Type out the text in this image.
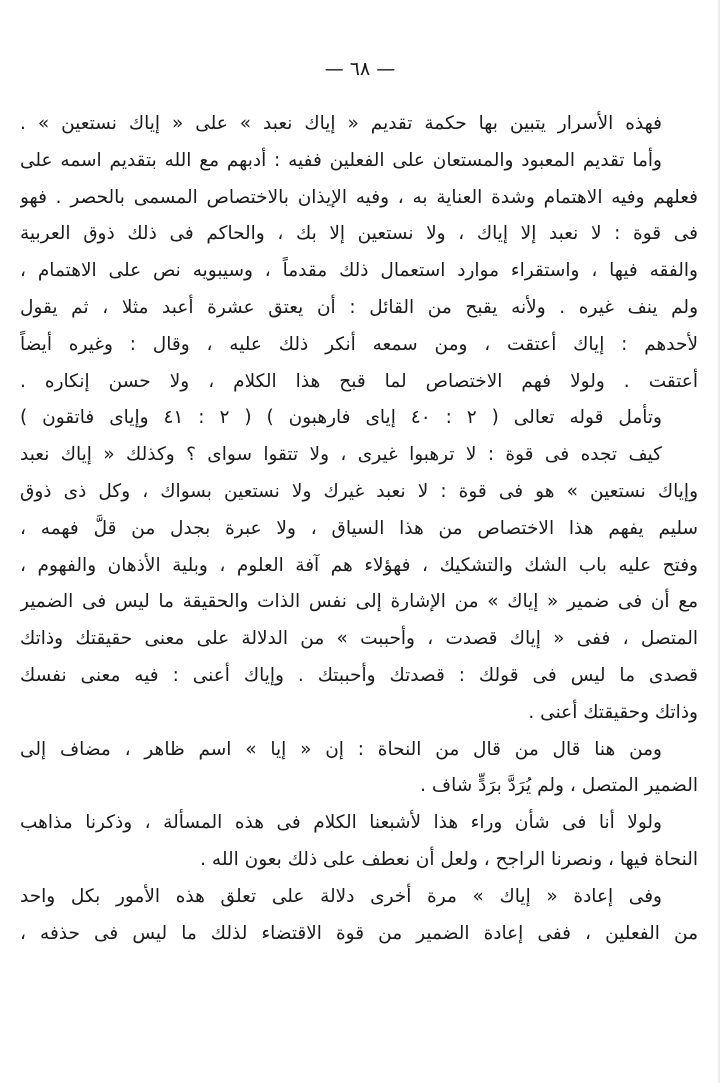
— ٦٨ —
فهذه الأسرار يتبين بها حكمة تقديم « إياك نعبد » على « إياك نستعين » .
وأما تقديم المعبود والمستعان على الفعلين ففيه : أدبهم مع الله بتقديم اسمه على
فعلهم وفيه الاهتمام وشدة العناية به ، وفيه الإيذان بالاختصاص المسمى بالحصر . فهو
فى قوة : لا نعبد إلا إياك ، ولا نستعين إلا بك ، والحاكم فى ذلك ذوق العربية
والفقه فيها ، واستقراء موارد استعمال ذلك مقدماً ، وسيبويه نص على الاهتمام ،
ولم ينف غيره . ولأنه يقبح من القائل : أن يعتق عشرة أعبد مثلا ، ثم يقول
لأحدهم : إياك أعتقت ، ومن سمعه أنكر ذلك عليه ، وقال : وغيره أيضاً
أعتقت . ولولا فهم الاختصاص لما قبح هذا الكلام ، ولا حسن إنكاره .
وتأمل قوله تعالى ( ٢ : ٤٠ إياى فارهبون ) ( ٢ : ٤١ وإياى فاتقون )
كيف تجده فى قوة : لا ترهبوا غيرى ، ولا تتقوا سواى ؟ وكذلك « إياك نعبد
وإياك نستعين » هو فى قوة : لا نعبد غيرك ولا نستعين بسواك ، وكل ذى ذوق
سليم يفهم هذا الاختصاص من هذا السياق ، ولا عبرة بجدل من قلَّ فهمه ،
وفتح عليه باب الشك والتشكيك ، فهؤلاء هم آفة العلوم ، وبلية الأذهان والفهوم ،
مع أن فى ضمير « إياك » من الإشارة إلى نفس الذات والحقيقة ما ليس فى الضمير
المتصل ، ففى « إياك قصدت ، وأحببت » من الدلالة على معنى حقيقتك وذاتك
قصدى ما ليس فى قولك : قصدتك وأحببتك . وإياك أعنى : فيه معنى نفسك
وذاتك وحقيقتك أعنى .
ومن هنا قال من قال من النحاة : إن « إيا » اسم ظاهر ، مضاف إلى
الضمير المتصل ، ولم يُرَدَّ برَدٍّ شاف .
ولولا أنا فى شأن وراء هذا لأشبعنا الكلام فى هذه المسألة ، وذكرنا مذاهب
النحاة فيها ، ونصرنا الراجح ، ولعل أن نعطف على ذلك بعون الله .
وفى إعادة « إياك » مرة أخرى دلالة على تعلق هذه الأمور بكل واحد
من الفعلين ، ففى إعادة الضمير من قوة الاقتضاء لذلك ما ليس فى حذفه ،
